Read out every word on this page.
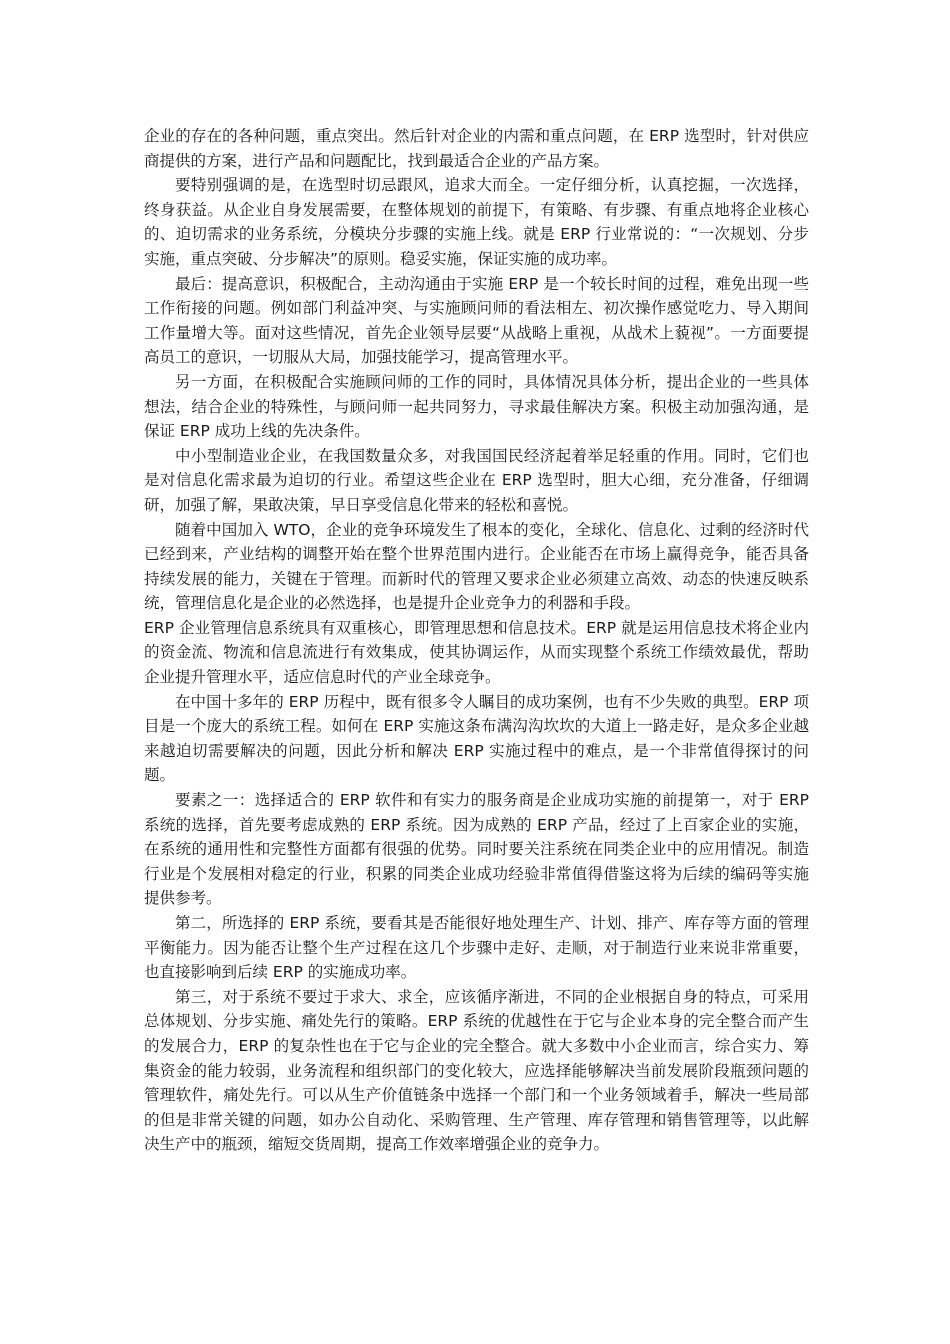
企业的存在的各种问题，重点突出。然后针对企业的内需和重点问题，在 ERP 选型时，针对供应商提供的方案，进行产品和问题配比，找到最适合企业的产品方案。

要特别强调的是，在选型时切忌跟风，追求大而全。一定仔细分析，认真挖掘，一次选择，终身获益。从企业自身发展需要，在整体规划的前提下，有策略、有步骤、有重点地将企业核心的、迫切需求的业务系统，分模块分步骤的实施上线。就是 ERP 行业常说的：“一次规划、分步实施，重点突破、分步解决”的原则。稳妥实施，保证实施的成功率。

最后：提高意识，积极配合，主动沟通由于实施 ERP 是一个较长时间的过程，难免出现一些工作衔接的问题。例如部门利益冲突、与实施顾问师的看法相左、初次操作感觉吃力、导入期间工作量增大等。面对这些情况，首先企业领导层要“从战略上重视，从战术上藐视”。一方面要提高员工的意识，一切服从大局，加强技能学习，提高管理水平。

另一方面，在积极配合实施顾问师的工作的同时，具体情况具体分析，提出企业的一些具体想法，结合企业的特殊性，与顾问师一起共同努力，寻求最佳解决方案。积极主动加强沟通，是保证 ERP 成功上线的先决条件。

中小型制造业企业，在我国数量众多，对我国国民经济起着举足轻重的作用。同时，它们也是对信息化需求最为迫切的行业。希望这些企业在 ERP 选型时，胆大心细，充分准备，仔细调研，加强了解，果敢决策，早日享受信息化带来的轻松和喜悦。

随着中国加入 WTO，企业的竞争环境发生了根本的变化，全球化、信息化、过剩的经济时代已经到来，产业结构的调整开始在整个世界范围内进行。企业能否在市场上赢得竞争，能否具备持续发展的能力，关键在于管理。而新时代的管理又要求企业必须建立高效、动态的快速反映系统，管理信息化是企业的必然选择，也是提升企业竞争力的利器和手段。

ERP 企业管理信息系统具有双重核心，即管理思想和信息技术。ERP 就是运用信息技术将企业内的资金流、物流和信息流进行有效集成，使其协调运作，从而实现整个系统工作绩效最优，帮助企业提升管理水平，适应信息时代的产业全球竞争。

在中国十多年的 ERP 历程中，既有很多令人瞩目的成功案例，也有不少失败的典型。ERP 项目是一个庞大的系统工程。如何在 ERP 实施这条布满沟沟坎坎的大道上一路走好，是众多企业越来越迫切需要解决的问题，因此分析和解决 ERP 实施过程中的难点，是一个非常值得探讨的问题。

要素之一：选择适合的 ERP 软件和有实力的服务商是企业成功实施的前提第一，对于 ERP 系统的选择，首先要考虑成熟的 ERP 系统。因为成熟的 ERP 产品，经过了上百家企业的实施，在系统的通用性和完整性方面都有很强的优势。同时要关注系统在同类企业中的应用情况。制造行业是个发展相对稳定的行业，积累的同类企业成功经验非常值得借鉴这将为后续的编码等实施提供参考。

第二，所选择的 ERP 系统，要看其是否能很好地处理生产、计划、排产、库存等方面的管理平衡能力。因为能否让整个生产过程在这几个步骤中走好、走顺，对于制造行业来说非常重要，也直接影响到后续 ERP 的实施成功率。

第三，对于系统不要过于求大、求全，应该循序渐进，不同的企业根据自身的特点，可采用总体规划、分步实施、痛处先行的策略。ERP 系统的优越性在于它与企业本身的完全整合而产生的发展合力，ERP 的复杂性也在于它与企业的完全整合。就大多数中小企业而言，综合实力、筹集资金的能力较弱，业务流程和组织部门的变化较大，应选择能够解决当前发展阶段瓶颈问题的管理软件，痛处先行。可以从生产价值链条中选择一个部门和一个业务领域着手，解决一些局部的但是非常关键的问题，如办公自动化、采购管理、生产管理、库存管理和销售管理等，以此解决生产中的瓶颈，缩短交货周期，提高工作效率增强企业的竞争力。
